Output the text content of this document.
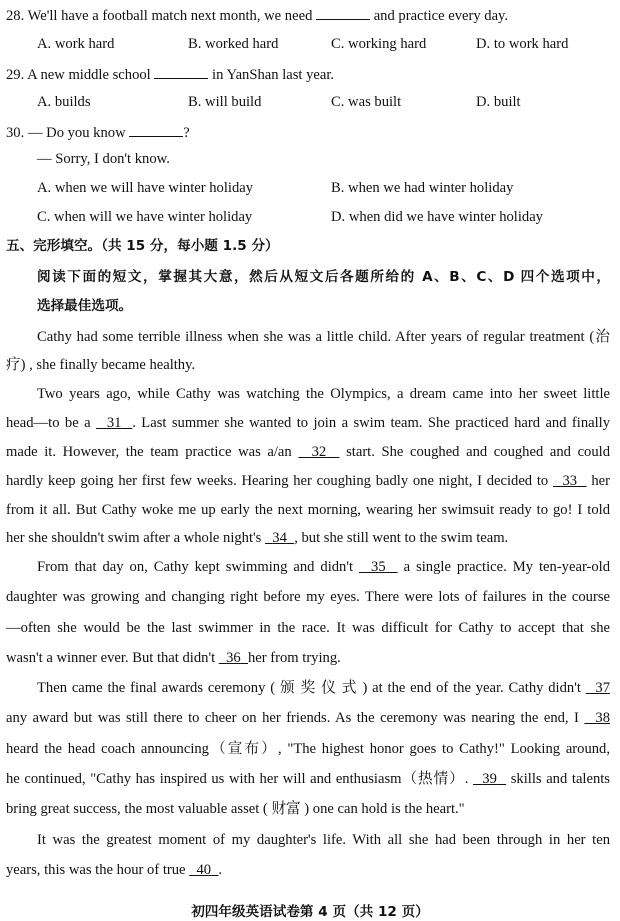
28. We'll have a football match next month, we need	and practice every day.
A. work hard	B. worked hard	C. working hard	D. to work hard
29. A new middle school	in YanShan last year.
A. builds	B. will build	C. was built	D. built
30. — Do you know	?
— Sorry, I don't know.
A. when we will have winter holiday	B. when we had winter holiday
C. when will we have winter holiday	D. when did we have winter holiday
五、完形填空。（共 15 分，每小题 1.5 分）
阅读下面的短文，掌握其大意，然后从短文后各题所给的 A、B、C、D 四个选项中，
选择最佳选项。
Cathy had some terrible illness when she was a little child. After years of regular treatment (治
疗) , she finally became healthy.
Two years ago, while Cathy was watching the Olympics, a dream came into her sweet little
head—to be a 31 . Last summer she wanted to join a swim team. She practiced hard and finally
made it. However, the team practice was a/an 32 start. She coughed and coughed and could
hardly keep going her first few weeks. Hearing her coughing badly one night, I decided to 33 her
from it all. But Cathy woke me up early the next morning, wearing her swimsuit ready to go! I told
her she shouldn't swim after a whole night's 34 , but she still went to the swim team.
From that day on, Cathy kept swimming and didn't 35 a single practice. My ten-year-old
daughter was growing and changing right before my eyes. There were lots of failures in the course
—often she would be the last swimmer in the race. It was difficult for Cathy to accept that she
wasn't a winner ever. But that didn't 36 her from trying.
Then came the final awards ceremony ( 颁 奖 仪 式 ) at the end of the year. Cathy didn't 37
any award but was still there to cheer on her friends. As the ceremony was nearing the end, I 38
heard the head coach announcing（宣布）, "The highest honor goes to Cathy!" Looking around,
he continued, "Cathy has inspired us with her will and enthusiasm（热情）. 39 skills and talents
bring great success, the most valuable asset ( 财富 ) one can hold is the heart."
It was the greatest moment of my daughter's life. With all she had been through in her ten
years, this was the hour of true 40 .
初四年级英语试卷第 4 页（共 12 页）
